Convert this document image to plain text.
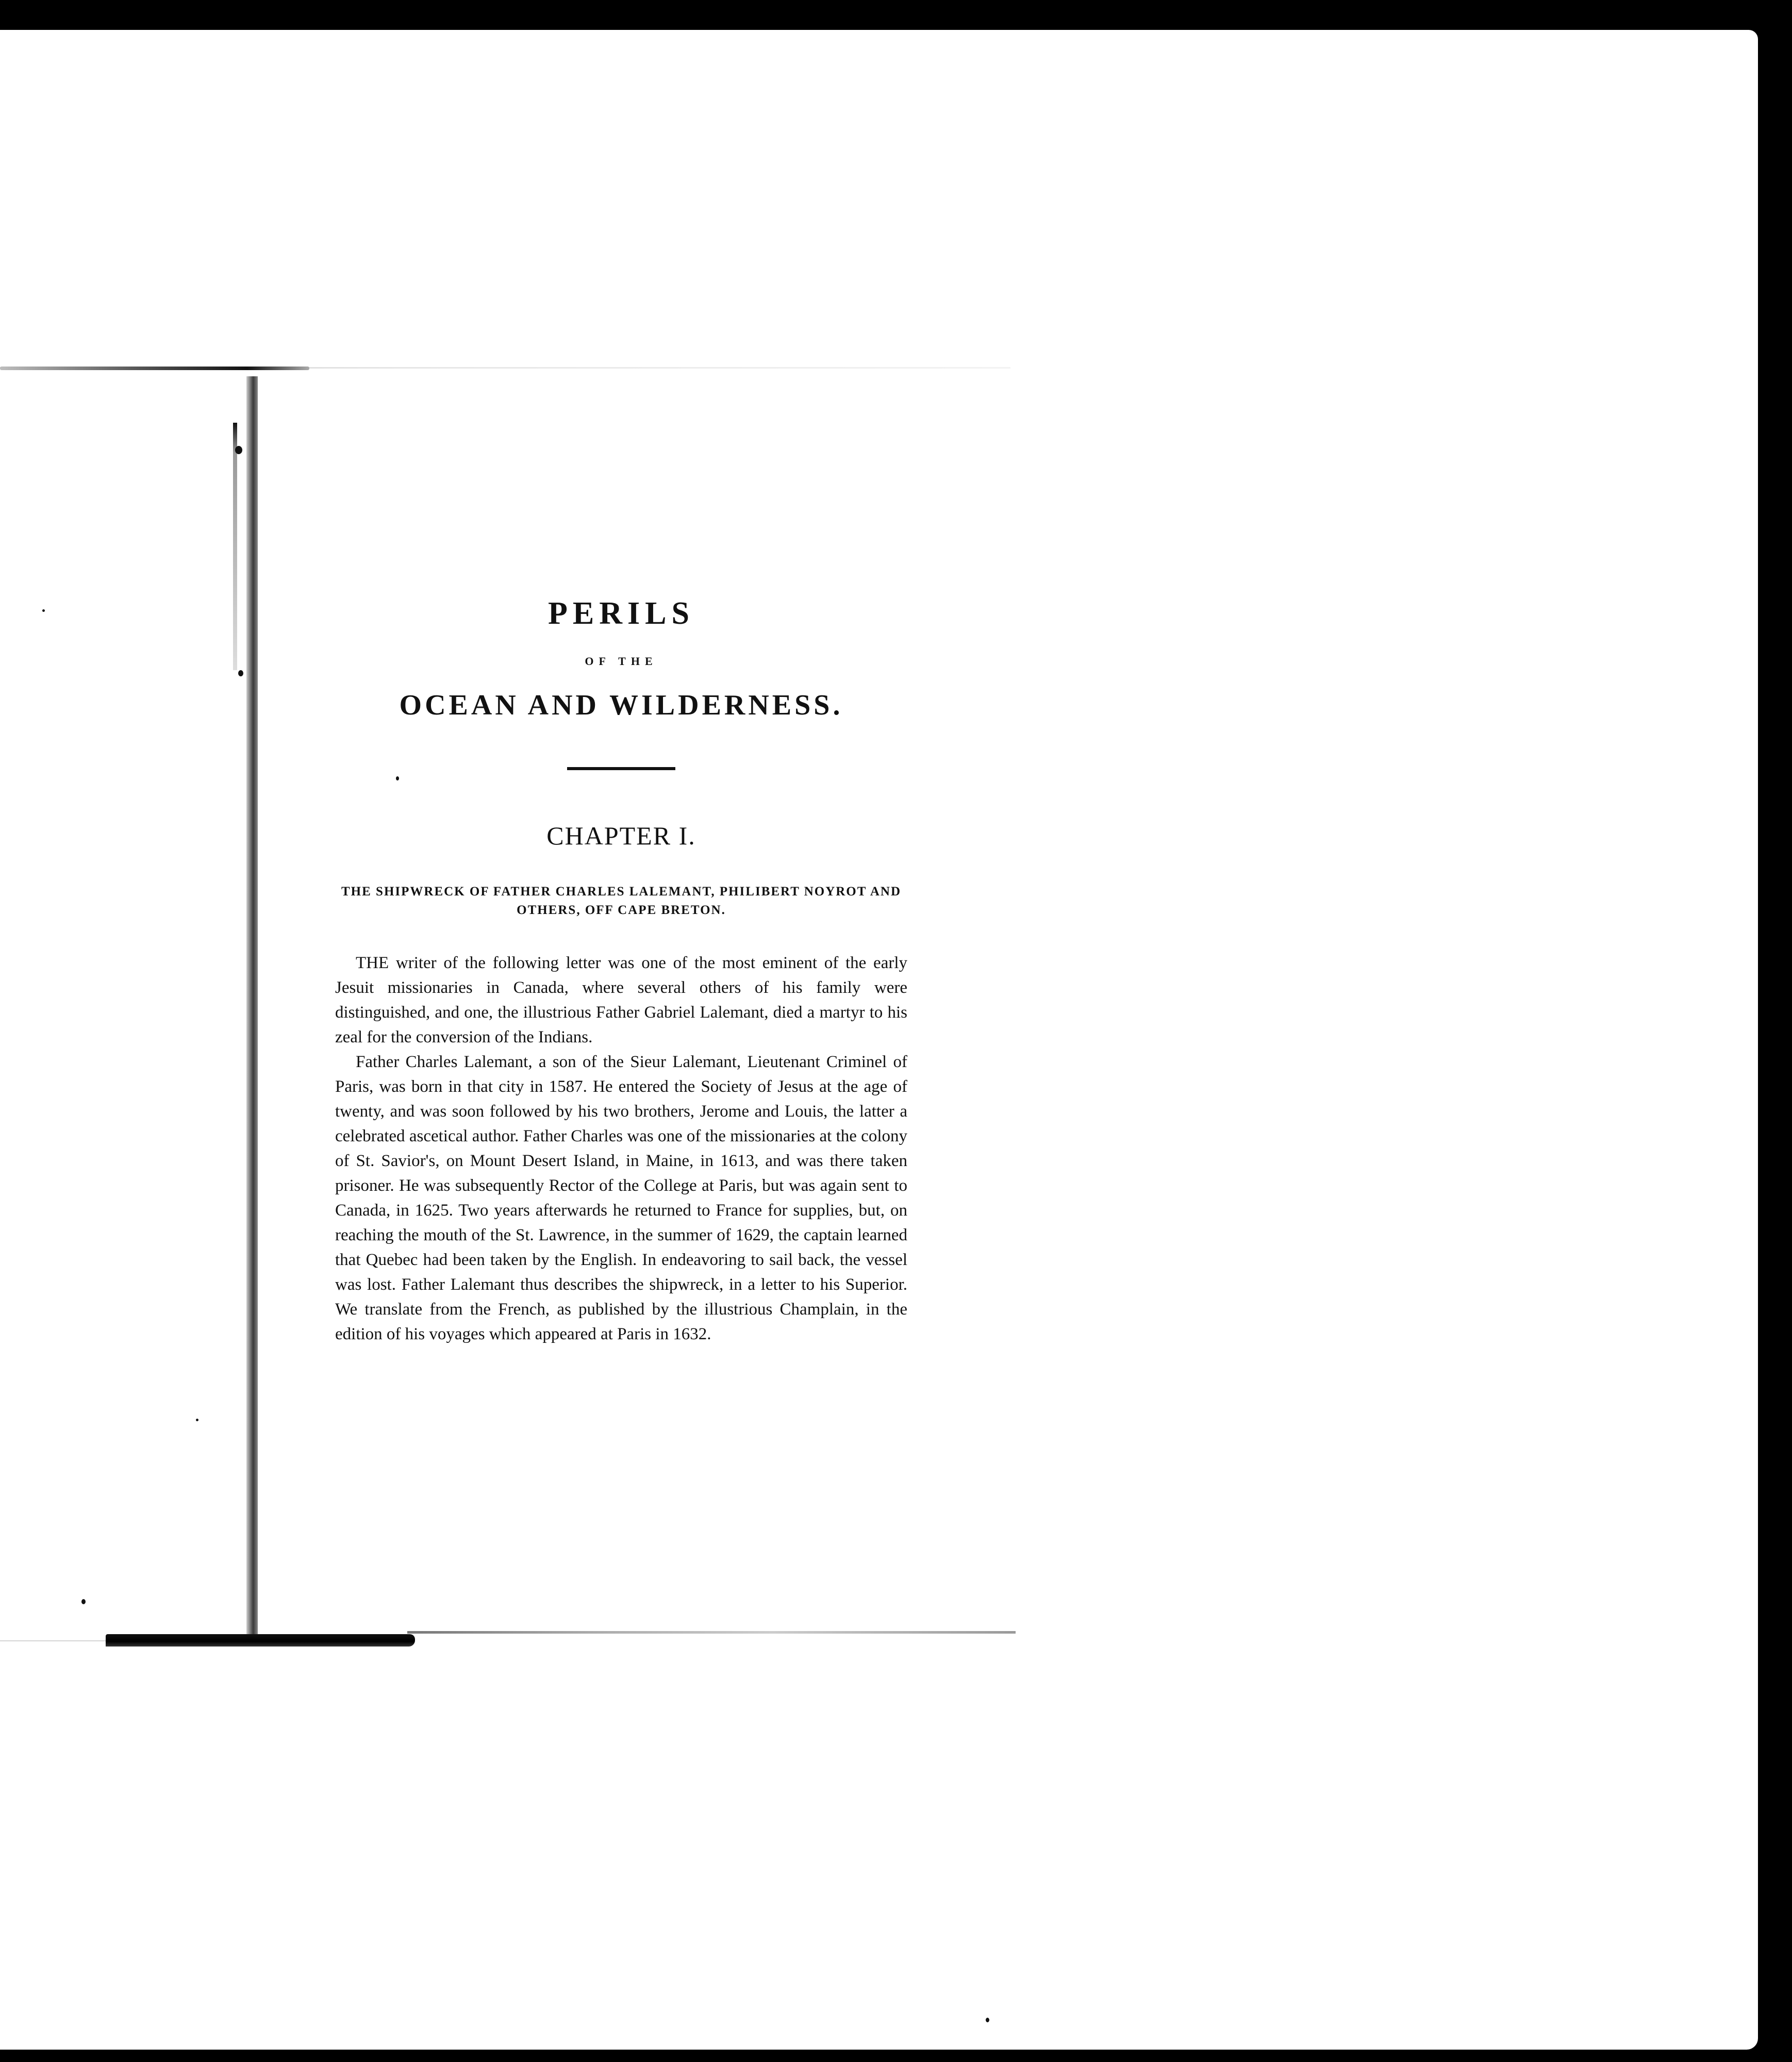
PERILS
OF THE
OCEAN AND WILDERNESS.
CHAPTER I.
THE SHIPWRECK OF FATHER CHARLES LALEMANT, PHILIBERT NOYROT AND OTHERS, OFF CAPE BRETON.

THE writer of the following letter was one of the most eminent of the early Jesuit missionaries in Canada, where several others of his family were distinguished, and one, the illustrious Father Gabriel Lalemant, died a martyr to his zeal for the conversion of the Indians.

Father Charles Lalemant, a son of the Sieur Lalemant, Lieutenant Criminel of Paris, was born in that city in 1587. He entered the Society of Jesus at the age of twenty, and was soon followed by his two brothers, Jerome and Louis, the latter a celebrated ascetical author. Father Charles was one of the missionaries at the colony of St. Savior's, on Mount Desert Island, in Maine, in 1613, and was there taken prisoner. He was subsequently Rector of the College at Paris, but was again sent to Canada, in 1625. Two years afterwards he returned to France for supplies, but, on reaching the mouth of the St. Lawrence, in the summer of 1629, the captain learned that Quebec had been taken by the English. In endeavoring to sail back, the vessel was lost. Father Lalemant thus describes the shipwreck, in a letter to his Superior. We translate from the French, as published by the illustrious Champlain, in the edition of his voyages which appeared at Paris in 1632.
